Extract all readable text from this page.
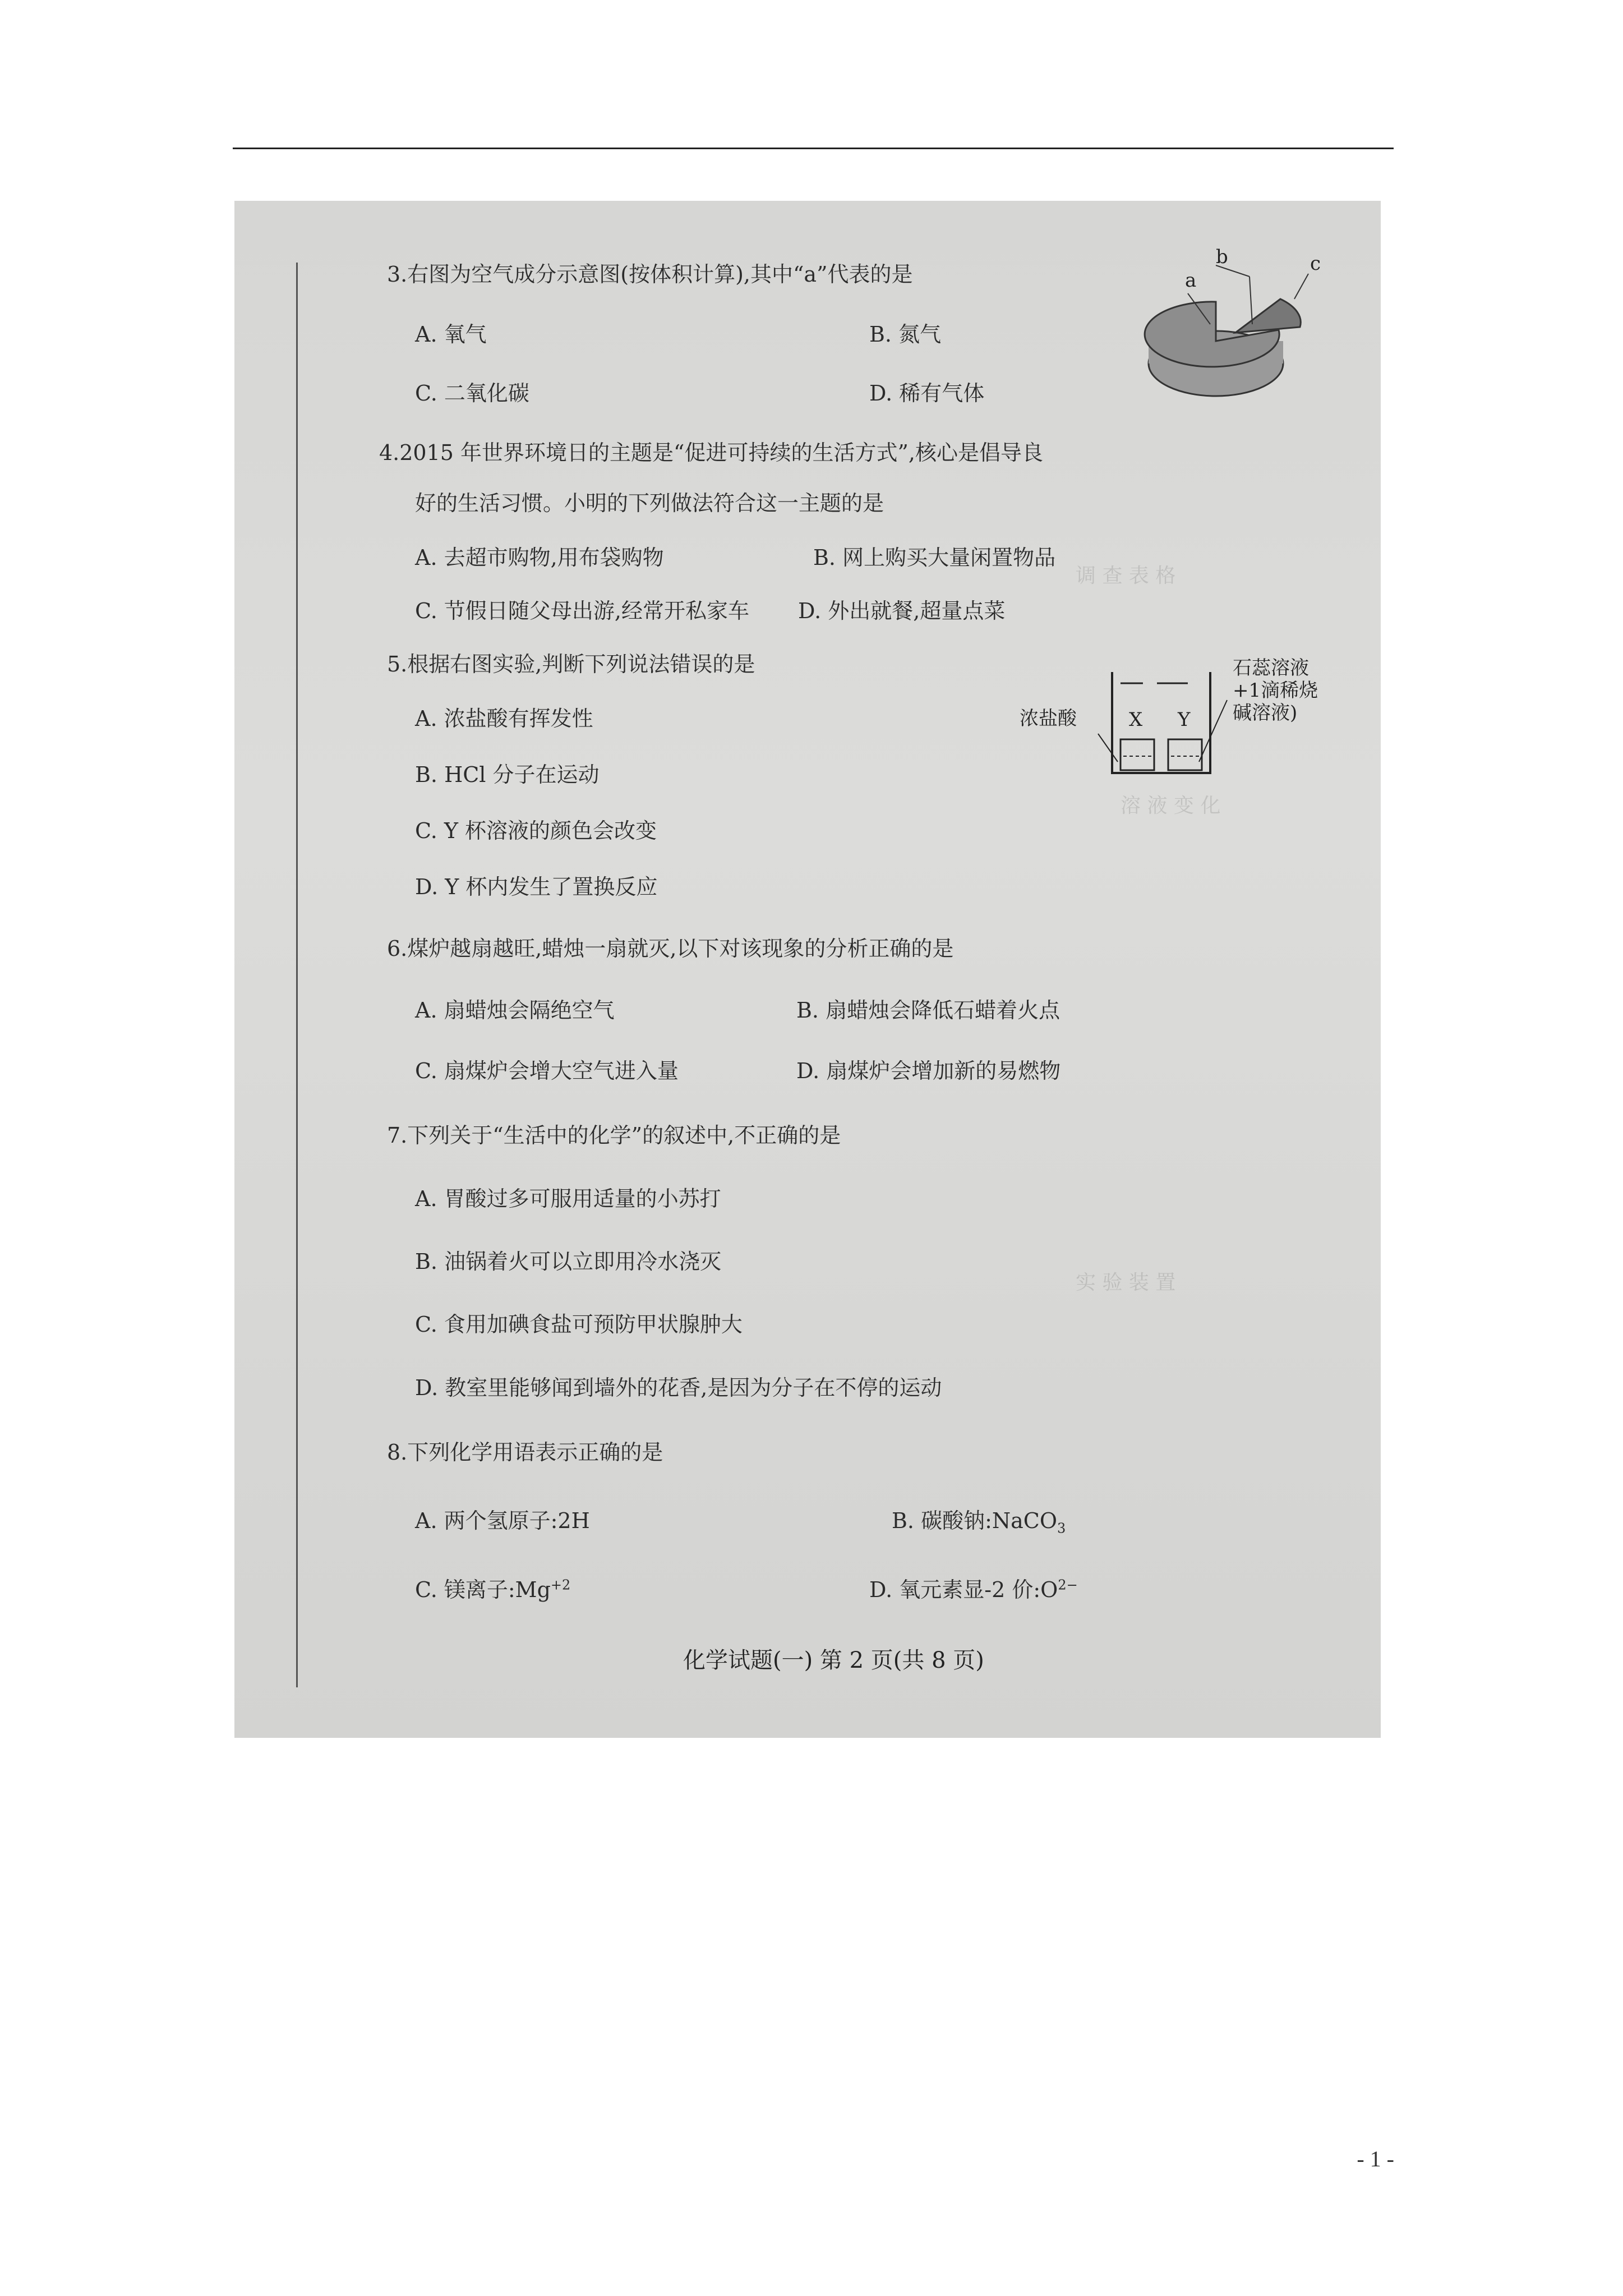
调 查 表 格
溶 液 变 化
实 验 装 置
3.右图为空气成分示意图(按体积计算),其中“a”代表的是
A. 氧气	B. 氮气
C. 二氧化碳	D. 稀有气体
a
b	c
4.2015 年世界环境日的主题是“促进可持续的生活方式”,核心是倡导良
好的生活习惯。小明的下列做法符合这一主题的是
A. 去超市购物,用布袋购物	B. 网上购买大量闲置物品
C. 节假日随父母出游,经常开私家车 D. 外出就餐,超量点菜
5.根据右图实验,判断下列说法错误的是
A. 浓盐酸有挥发性
B. HCl 分子在运动
C. Y 杯溶液的颜色会改变
D. Y 杯内发生了置换反应
浓盐酸	X Y
石蕊溶液
+1滴稀烧
碱溶液)
6.煤炉越扇越旺,蜡烛一扇就灭,以下对该现象的分析正确的是
A. 扇蜡烛会隔绝空气	B. 扇蜡烛会降低石蜡着火点
C. 扇煤炉会增大空气进入量	D. 扇煤炉会增加新的易燃物
7.下列关于“生活中的化学”的叙述中,不正确的是
A. 胃酸过多可服用适量的小苏打
B. 油锅着火可以立即用冷水浇灭
C. 食用加碘食盐可预防甲状腺肿大
D. 教室里能够闻到墙外的花香,是因为分子在不停的运动
8.下列化学用语表示正确的是
A. 两个氢原子:2H	B. 碳酸钠:NaCO$_3$
C. 镁离子$:Mg^{+2}$	D. 氧元素显-2 价$:O^{2-}$
化学试题(一) 第 2 页(共 8 页)
- 1 -
